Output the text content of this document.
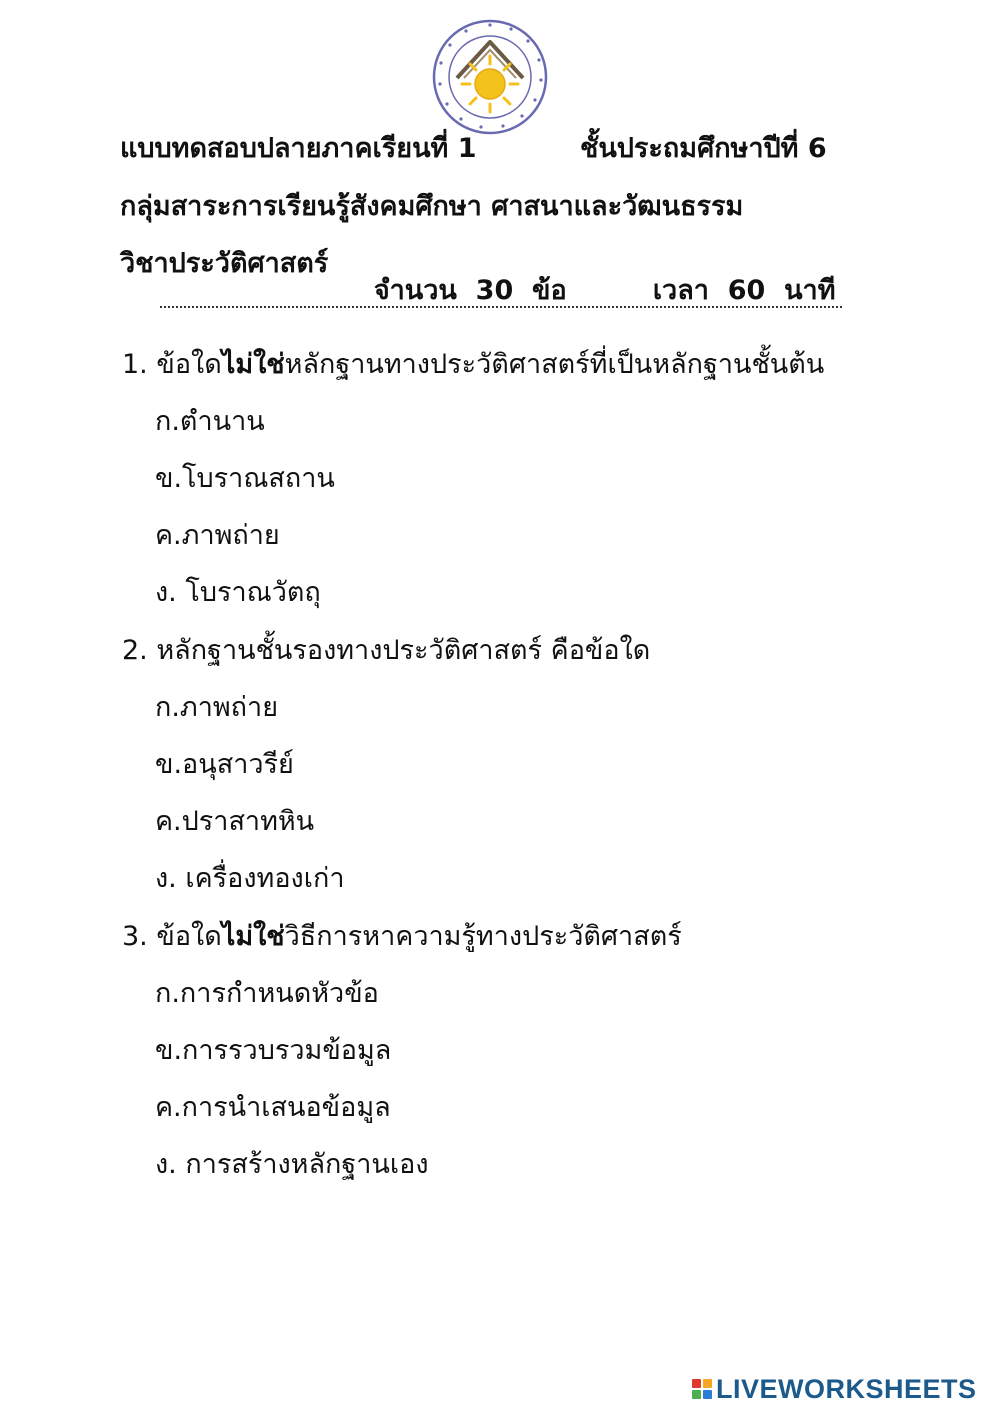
แบบทดสอบปลายภาคเรียนที่ 1	ชั้นประถมศึกษาปีที่ 6
กลุ่มสาระการเรียนรู้สังคมศึกษา ศาสนาและวัฒนธรรม
วิชาประวัติศาสตร์

จำนวน  30  ข้อ	เวลา  60  นาที

1. ข้อใดไม่ใช่หลักฐานทางประวัติศาสตร์ที่เป็นหลักฐานชั้นต้น
ก.ตำนาน
ข.โบราณสถาน
ค.ภาพถ่าย
ง. โบราณวัตถุ
2. หลักฐานชั้นรองทางประวัติศาสตร์ คือข้อใด
ก.ภาพถ่าย
ข.อนุสาวรีย์
ค.ปราสาทหิน
ง. เครื่องทองเก่า
3. ข้อใดไม่ใช่วิธีการหาความรู้ทางประวัติศาสตร์
ก.การกำหนดหัวข้อ
ข.การรวบรวมข้อมูล
ค.การนำเสนอข้อมูล
ง. การสร้างหลักฐานเอง
LIVEWORKSHEETS
